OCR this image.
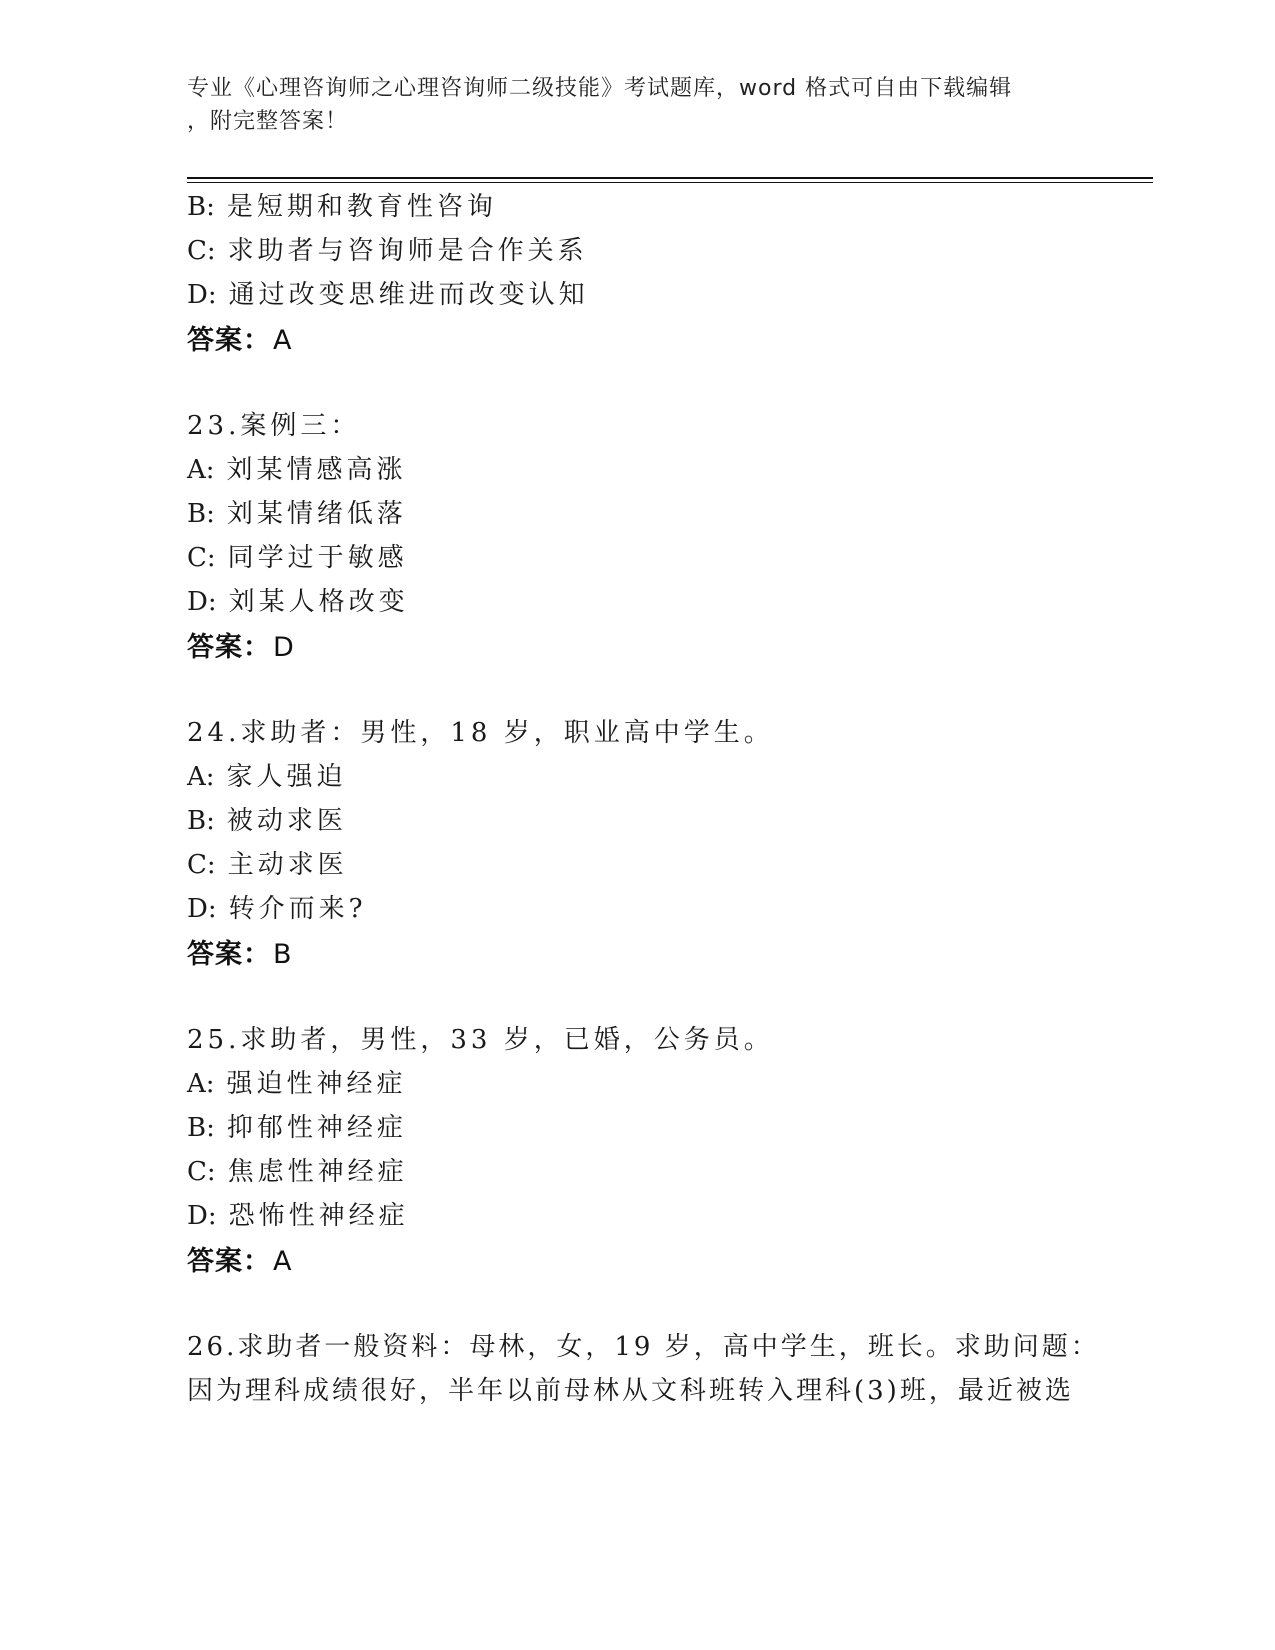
专业《心理咨询师之心理咨询师二级技能》考试题库，word 格式可自由下载编辑
，附完整答案！
B: 是短期和教育性咨询
C: 求助者与咨询师是合作关系
D: 通过改变思维进而改变认知
答案：A
23.案例三：
A: 刘某情感高涨
B: 刘某情绪低落
C: 同学过于敏感
D: 刘某人格改变
答案：D
24.求助者：男性，18 岁，职业高中学生。
A: 家人强迫
B: 被动求医
C: 主动求医
D: 转介而来?
答案：B
25.求助者，男性，33 岁，已婚，公务员。
A: 强迫性神经症
B: 抑郁性神经症
C: 焦虑性神经症
D: 恐怖性神经症
答案：A
26.求助者一般资料：母林，女，19 岁，高中学生，班长。求助问题：
因为理科成绩很好，半年以前母林从文科班转入理科(3)班，最近被选
